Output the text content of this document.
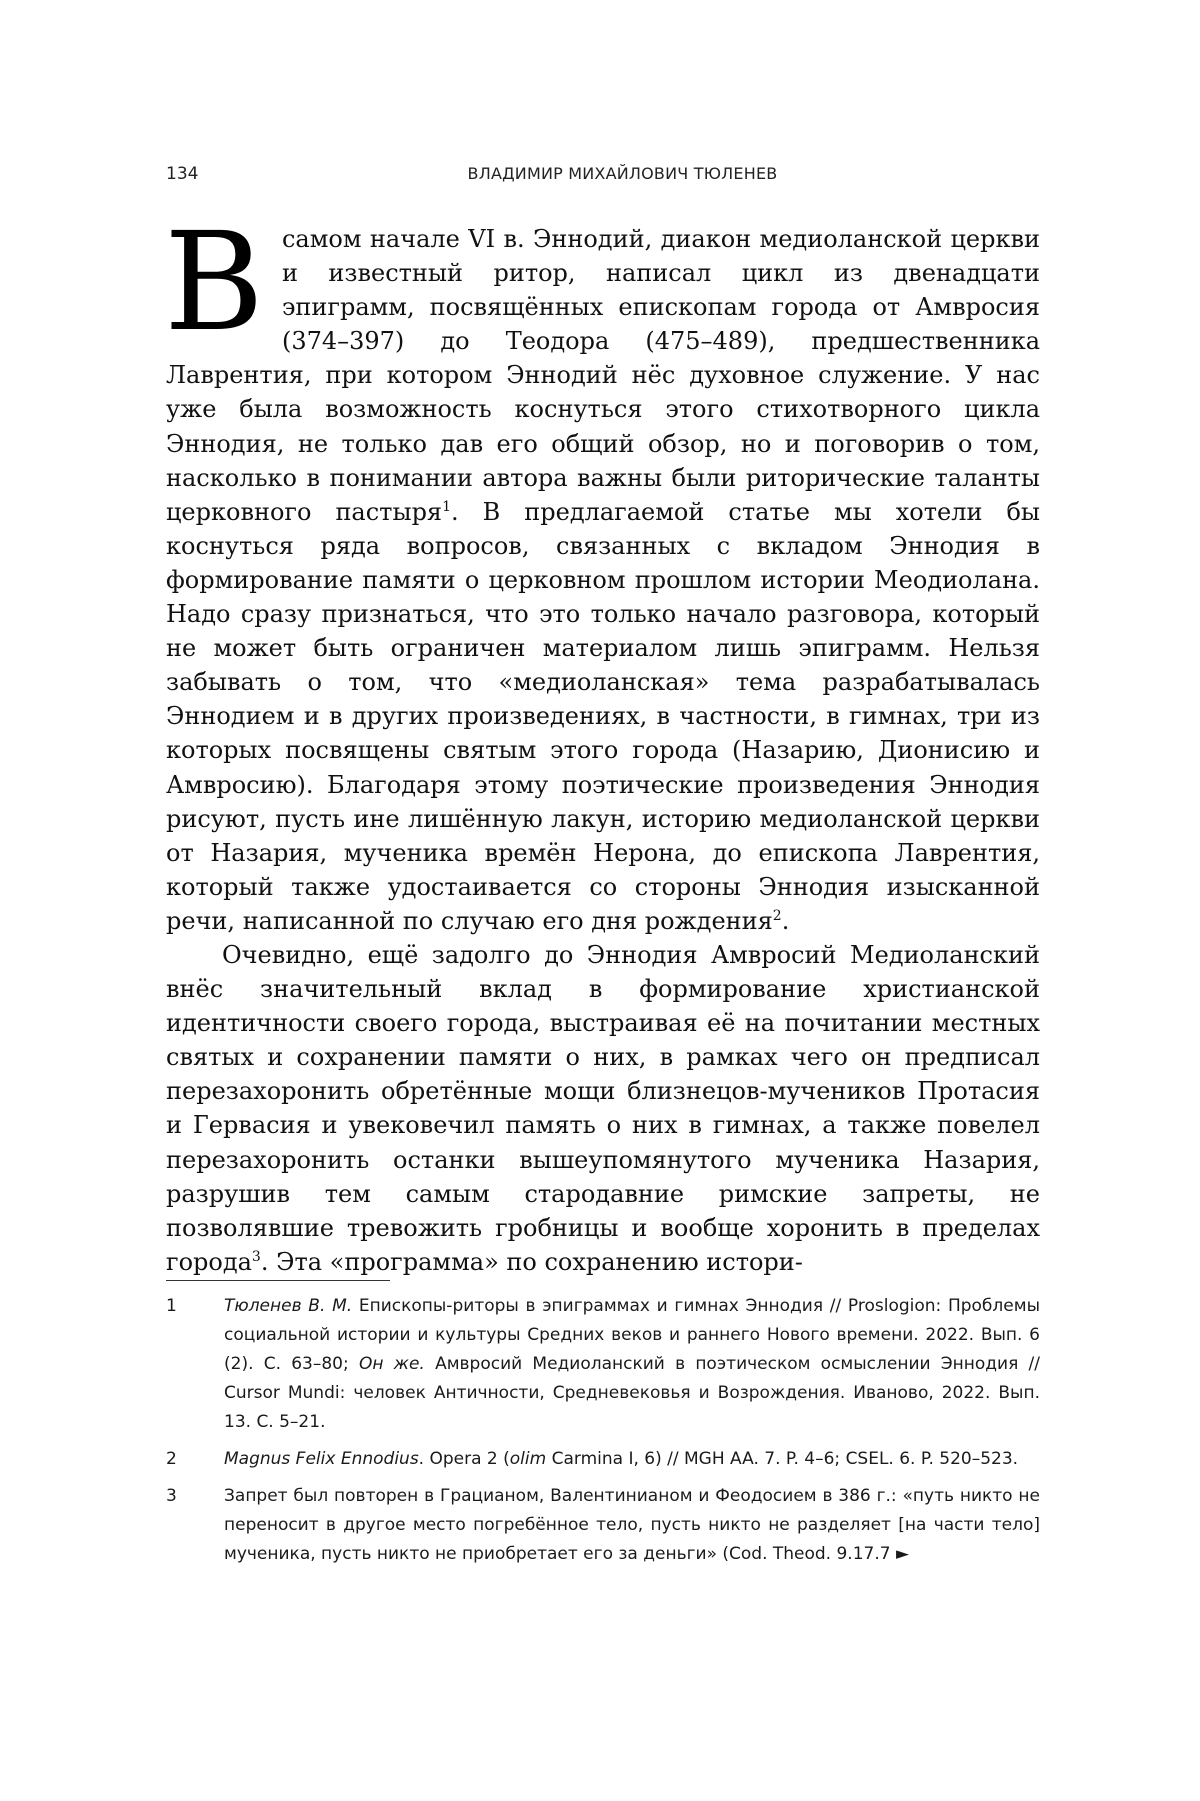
134	ВЛАДИМИР МИХАЙЛОВИЧ ТЮЛЕНЕВ

Всамом начале VI в. Эннодий, диакон медиоланской церкви и известный ритор, написал цикл из двенадцати эпиграмм, посвящённых епископам города от Амвросия (374–397) до Теодора (475–489), предшественника Лаврентия, при котором Эннодий нёс духовное служение. У нас уже была возможность коснуться этого стихотворного цикла Эннодия, не только дав его общий обзор, но и поговорив о том, насколько в понимании автора важны были риторические таланты церковного пастыря$^1$. В предлагаемой статье мы хотели бы коснуться ряда вопросов, связанных с вкладом Эннодия в формирование памяти о церковном прошлом истории Меодиолана. Надо сразу признаться, что это только начало разговора, который не может быть ограничен материалом лишь эпиграмм. Нельзя забывать о том, что «медиоланская» тема разрабатывалась Эннодием и в других произведениях, в частности, в гимнах, три из которых посвящены святым этого города (Назарию, Дионисию и Амвросию). Благодаря этому поэтические произведения Эннодия рисуют, пусть ине лишённую лакун, историю медиоланской церкви от Назария, мученика времён Нерона, до епископа Лаврентия, который также удостаивается со стороны Эннодия изысканной речи, написанной по случаю его дня рождения$^2$.

Очевидно, ещё задолго до Эннодия Амвросий Медиоланский внёс значительный вклад в формирование христианской идентичности своего города, выстраивая её на почитании местных святых и сохранении памяти о них, в рамках чего он предписал перезахоронить обретённые мощи близнецов-мучеников Протасия и Гервасия и увековечил память о них в гимнах, а также повелел перезахоронить останки вышеупомянутого мученика Назария, разрушив тем самым стародавние римские запреты, не позволявшие тревожить гробницы и вообще хоронить в пределах города$^3$. Эта «программа» по сохранению истори-

1	Тюленев В. М. Епископы-риторы в эпиграммах и гимнах Эннодия // Proslogion: Проблемы социальной истории и культуры Средних веков и раннего Нового времени. 2022. Вып. 6 (2). С. 63–80; Он же. Амвросий Медиоланский в поэтическом осмыслении Эннодия // Cursor Mundi: человек Античности, Средневековья и Возрождения. Иваново, 2022. Вып. 13. С. 5–21.
2	Magnus Felix Ennodius. Opera 2 (olim Carmina I, 6) // MGH AA. 7. P. 4–6; CSEL. 6. P. 520–523.
3	Запрет был повторен в Грацианом, Валентинианом и Феодосием в 386 г.: «путь никто не переносит в другое место погребённое тело, пусть никто не разделяет [на части тело] мученика, пусть никто не приобретает его за деньги» (Cod. Theod. 9.17.7 ►
